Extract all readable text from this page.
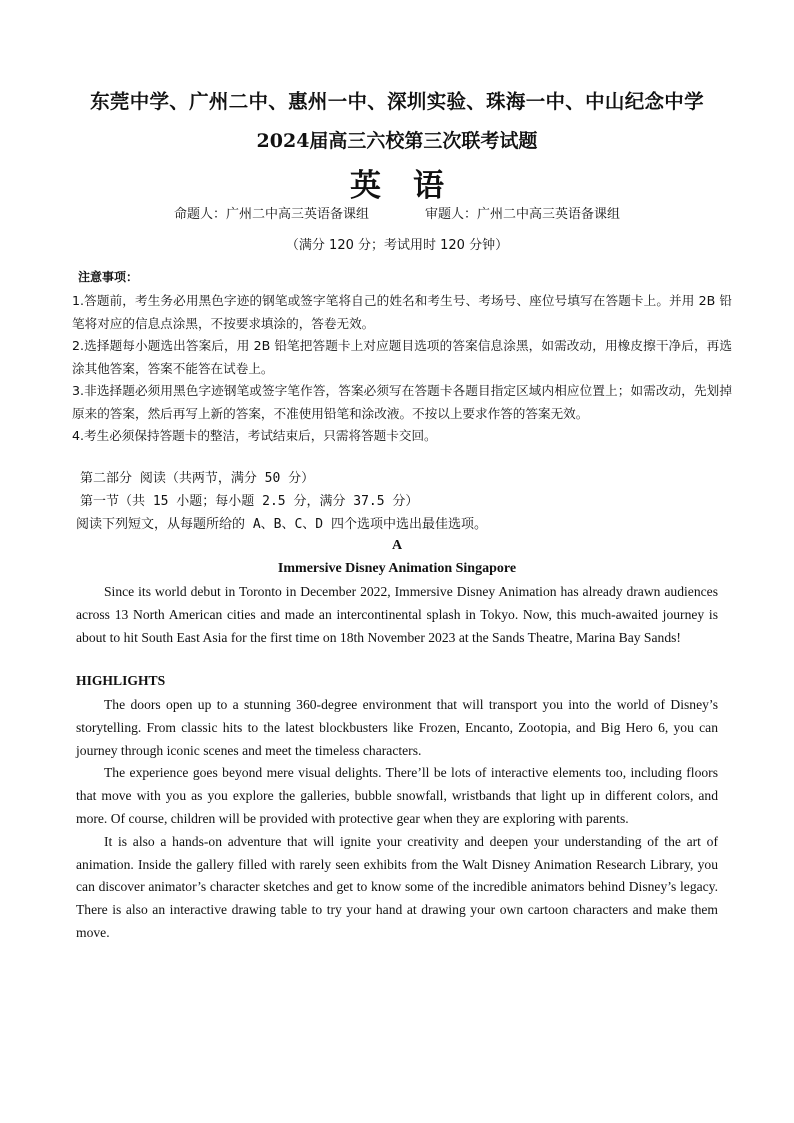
东莞中学、广州二中、惠州一中、深圳实验、珠海一中、中山纪念中学
2024届高三六校第三次联考试题
英语
命题人：广州二中高三英语备课组	审题人：广州二中高三英语备课组
（满分 120 分；考试用时 120 分钟）
注意事项：

1.答题前，考生务必用黑色字迹的钢笔或签字笔将自己的姓名和考生号、考场号、座位号填写在答题卡上。并用 2B 铅笔将对应的信息点涂黑，不按要求填涂的，答卷无效。

2.选择题每小题选出答案后，用 2B 铅笔把答题卡上对应题目选项的答案信息涂黑，如需改动，用橡皮擦干净后，再选涂其他答案，答案不能答在试卷上。

3.非选择题必须用黑色字迹钢笔或签字笔作答，答案必须写在答题卡各题目指定区域内相应位置上；如需改动，先划掉原来的答案，然后再写上新的答案，不准使用铅笔和涂改液。不按以上要求作答的答案无效。

4.考生必须保持答题卡的整洁，考试结束后，只需将答题卡交回。

第二部分 阅读（共两节，满分 50 分）
第一节（共 15 小题；每小题 2.5 分，满分 37.5 分）
阅读下列短文，从每题所给的 A、B、C、D 四个选项中选出最佳选项。
A
Immersive Disney Animation Singapore

Since its world debut in Toronto in December 2022, Immersive Disney Animation has already drawn audiences across 13 North American cities and made an intercontinental splash in Tokyo. Now, this much-awaited journey is about to hit South East Asia for the first time on 18th November 2023 at the Sands Theatre, Marina Bay Sands!

HIGHLIGHTS

The doors open up to a stunning 360-degree environment that will transport you into the world of Disney’s storytelling. From classic hits to the latest blockbusters like Frozen, Encanto, Zootopia, and Big Hero 6, you can journey through iconic scenes and meet the timeless characters.

The experience goes beyond mere visual delights. There’ll be lots of interactive elements too, including floors that move with you as you explore the galleries, bubble snowfall, wristbands that light up in different colors, and more. Of course, children will be provided with protective gear when they are exploring with parents.

It is also a hands-on adventure that will ignite your creativity and deepen your understanding of the art of animation. Inside the gallery filled with rarely seen exhibits from the Walt Disney Animation Research Library, you can discover animator’s character sketches and get to know some of the incredible animators behind Disney’s legacy. There is also an interactive drawing table to try your hand at drawing your own cartoon characters and make them move.
